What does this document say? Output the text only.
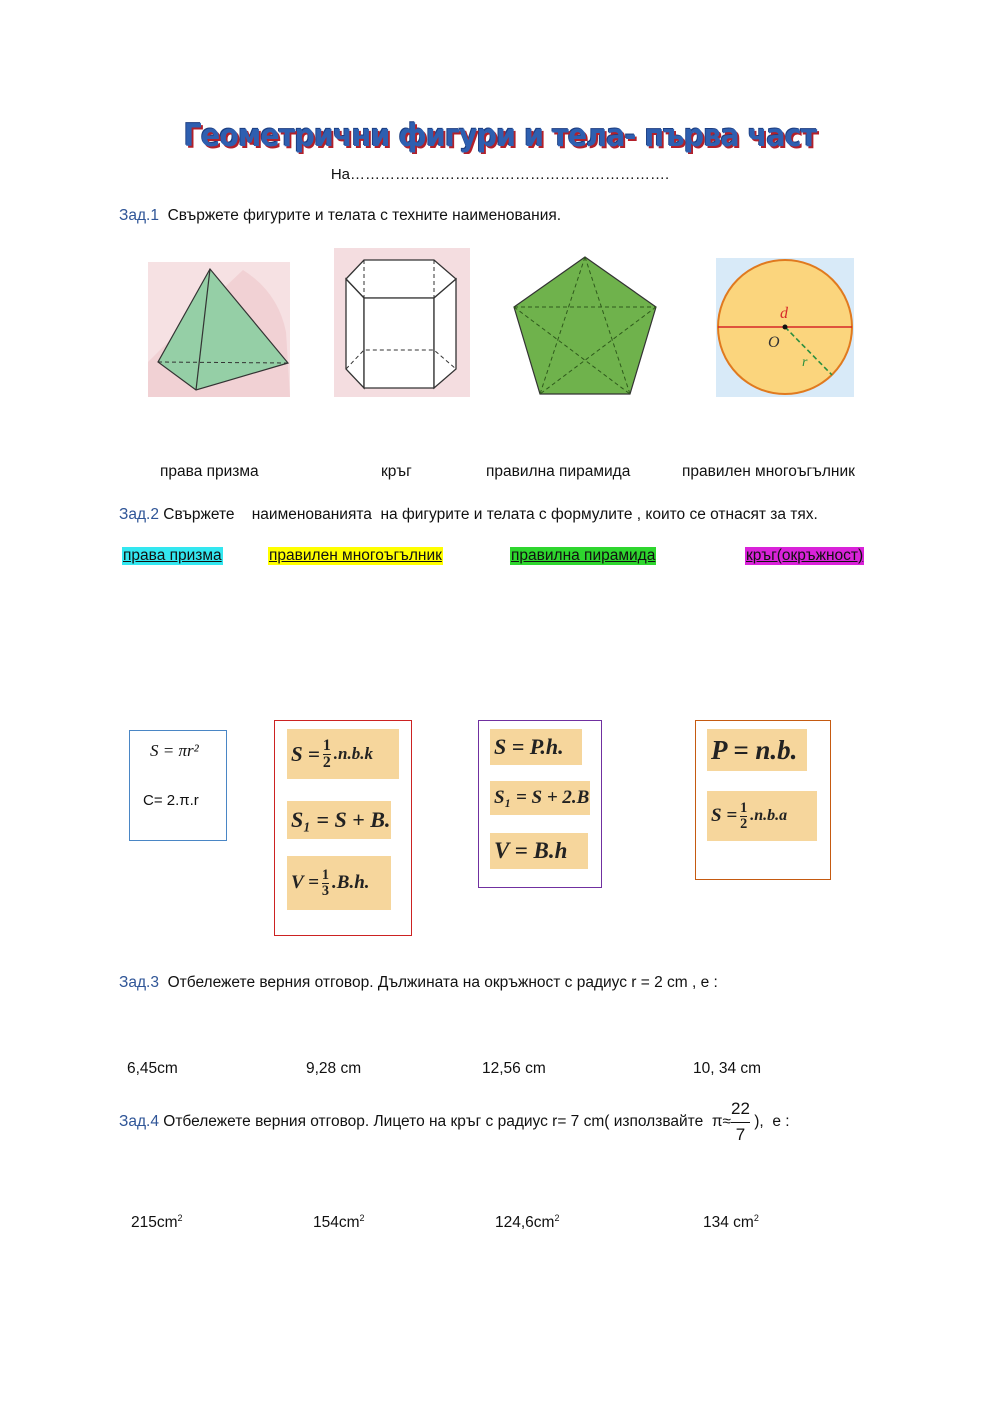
Геометрични фигури и тела- първа част
На……………………………………………………….
Зад.1 Свържете фигурите и телата с техните наименования.
d
O
r
права призма	кръг	правилна пирамида	правилен многоъгълник
Зад.2 Свържете    наименованията  на фигурите и телата с формулите , които се отнасят за тях.
права призма	правилен многоъгълник	правилна пирамида	кръг(окръжност)
S = πr²
C= 2.π.r
$S = \frac{1}{2} .n.b.k$
S₁ = S + B.
$V = \frac{1}{3} .B.h$.
S = P.h.
S₁ = S + 2.B
V = B.h
P = n.b.
$S = \frac{1}{2} .n.b.a$
Зад.3 Отбележете верния отговор. Дължината на окръжност с радиус r = 2 cm , е :
6,45cm	9,28 cm	12,56 cm	10, 34 cm
Зад.4
Отбележете верния отговор. Лицето на кръг с радиус r= 7 cm( използвайте  $\pi\approx \frac{22}{7}$ ),  е :
$215cm^2$	$154cm^2$	$124,6cm^2$	134 $cm^2$
